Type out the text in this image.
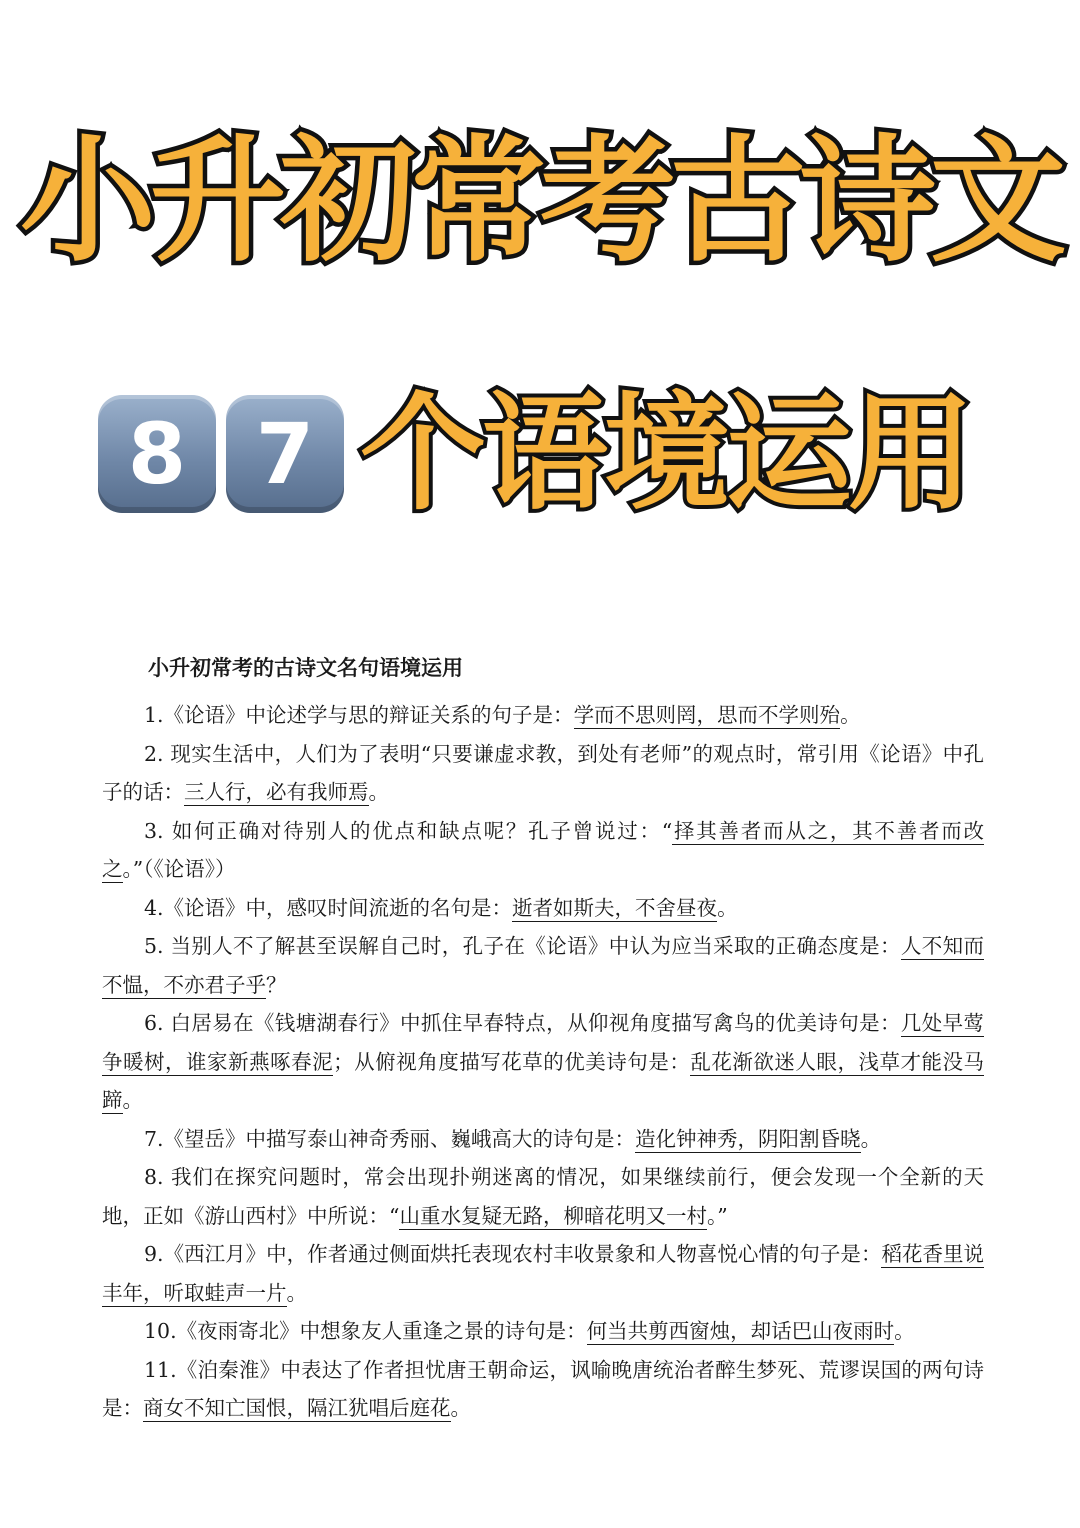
小升初常考古诗文
8 7 个语境运用
小升初常考的古诗文名句语境运用
1.《论语》中论述学与思的辩证关系的句子是：学而不思则罔，思而不学则殆。
2. 现实生活中，人们为了表明“只要谦虚求教，到处有老师”的观点时，常引用《论语》中孔子的话：三人行，必有我师焉。
3. 如何正确对待别人的优点和缺点呢？孔子曾说过：“择其善者而从之，其不善者而改之。”（《论语》）
4.《论语》中，感叹时间流逝的名句是：逝者如斯夫，不舍昼夜。
5. 当别人不了解甚至误解自己时，孔子在《论语》中认为应当采取的正确态度是：人不知而不愠，不亦君子乎？
6. 白居易在《钱塘湖春行》中抓住早春特点，从仰视角度描写禽鸟的优美诗句是：几处早莺争暖树，谁家新燕啄春泥；从俯视角度描写花草的优美诗句是：乱花渐欲迷人眼，浅草才能没马蹄。
7.《望岳》中描写泰山神奇秀丽、巍峨高大的诗句是：造化钟神秀，阴阳割昏晓。
8. 我们在探究问题时，常会出现扑朔迷离的情况，如果继续前行，便会发现一个全新的天地，正如《游山西村》中所说：“山重水复疑无路，柳暗花明又一村。”
9.《西江月》中，作者通过侧面烘托表现农村丰收景象和人物喜悦心情的句子是：稻花香里说丰年，听取蛙声一片。
10.《夜雨寄北》中想象友人重逢之景的诗句是：何当共剪西窗烛，却话巴山夜雨时。
11.《泊秦淮》中表达了作者担忧唐王朝命运，讽喻晚唐统治者醉生梦死、荒谬误国的两句诗是：商女不知亡国恨，隔江犹唱后庭花。
